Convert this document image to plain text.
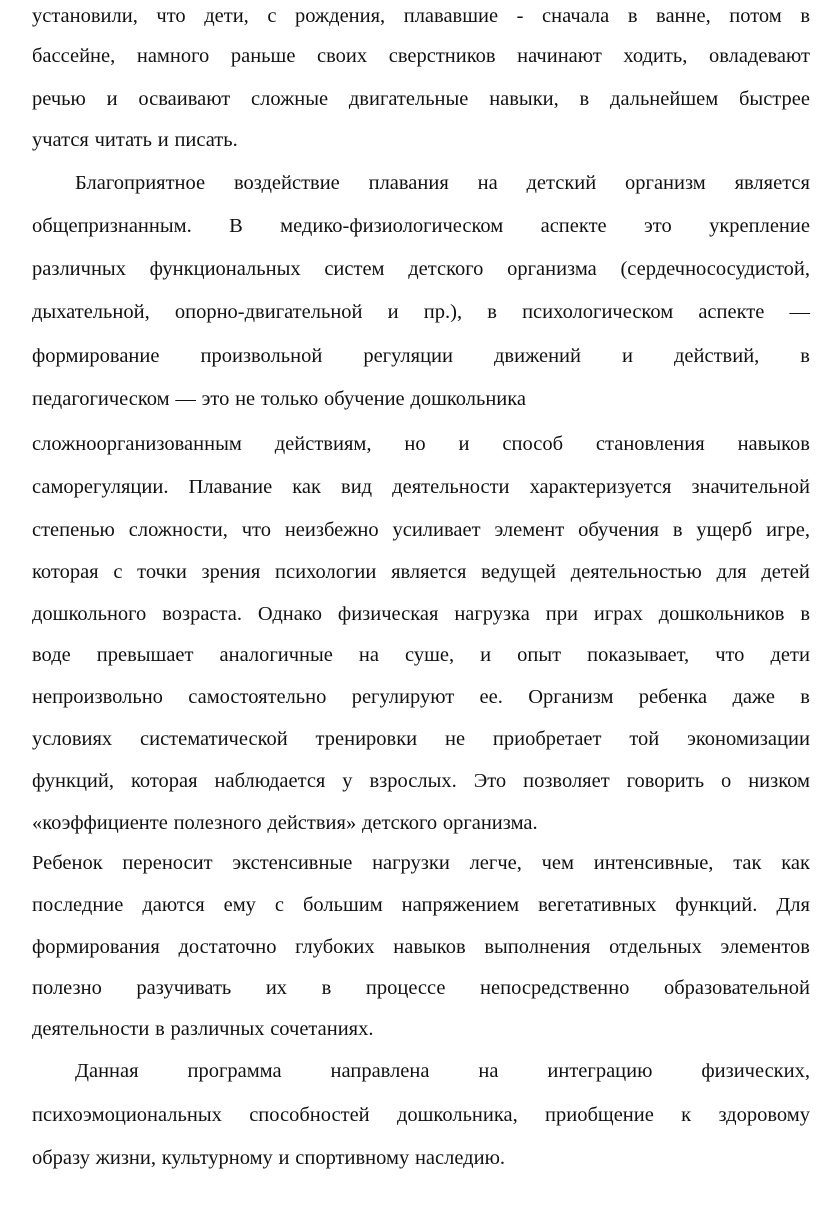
установили, что дети, с рождения, плававшие - сначала в ванне, потом в
бассейне, намного раньше своих сверстников начинают ходить, овладевают
речью и осваивают сложные двигательные навыки, в дальнейшем быстрее
учатся читать и писать.
Благоприятное воздействие плавания на детский организм является
общепризнанным. В медико-физиологическом аспекте это укрепление
различных функциональных систем детского организма (сердечнососудистой,
дыхательной, опорно-двигательной и пр.), в психологическом аспекте —
формирование произвольной регуляции движений и действий, в
педагогическом — это не только обучение дошкольника
сложноорганизованным действиям, но и способ становления навыков
саморегуляции. Плавание как вид деятельности характеризуется значительной
степенью сложности, что неизбежно усиливает элемент обучения в ущерб игре,
которая с точки зрения психологии является ведущей деятельностью для детей
дошкольного возраста. Однако физическая нагрузка при играх дошкольников в
воде превышает аналогичные на суше, и опыт показывает, что дети
непроизвольно самостоятельно регулируют ее. Организм ребенка даже в
условиях систематической тренировки не приобретает той экономизации
функций, которая наблюдается у взрослых. Это позволяет говорить о низком
«коэффициенте полезного действия» детского организма.
Ребенок переносит экстенсивные нагрузки легче, чем интенсивные, так как
последние даются ему с большим напряжением вегетативных функций. Для
формирования достаточно глубоких навыков выполнения отдельных элементов
полезно разучивать их в процессе непосредственно образовательной
деятельности в различных сочетаниях.
Данная программа направлена на интеграцию физических,
психоэмоциональных способностей дошкольника, приобщение к здоровому
образу жизни, культурному и спортивному наследию.
